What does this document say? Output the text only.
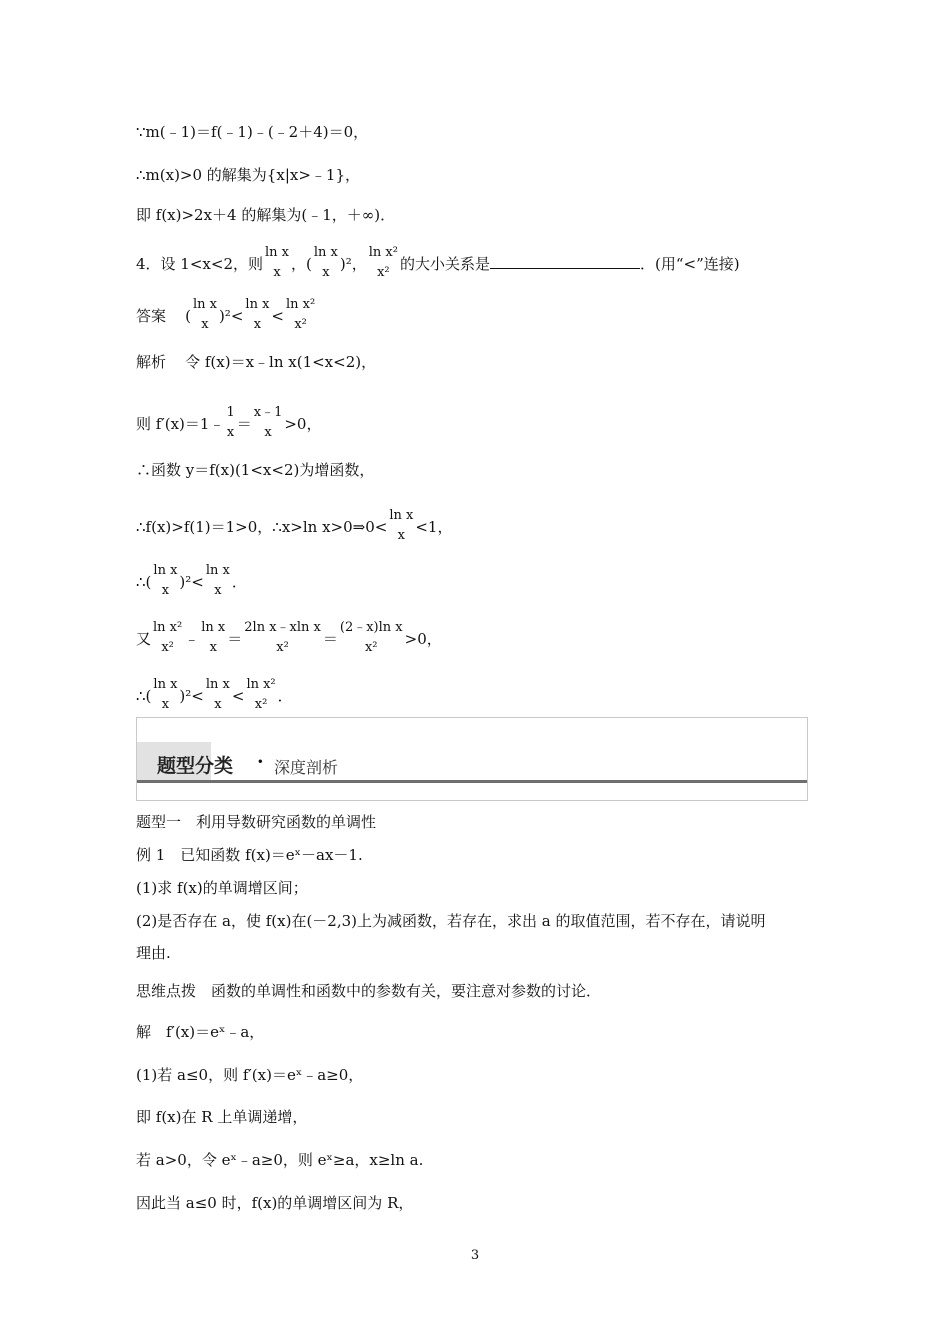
∵m(﹣1)＝f(﹣1)﹣(﹣2＋4)＝0，
∴m(x)>0 的解集为{x|x>﹣1}，
即 f(x)>2x＋4 的解集为(﹣1，＋∞)．
4．设 1<x<2，则
ln x
x ，(
ln x
x )²，
ln x²
x² 的大小关系是	．(用“<”连接)
答案    (
ln x
x )²<
ln x
x <
ln x²
x²
解析 令 f(x)＝x﹣ln x(1<x<2)，
则 f′(x)＝1﹣
1
x ＝
x﹣1
x >0，
∴函数 y＝f(x)(1<x<2)为增函数，
∴f(x)>f(1)＝1>0，∴x>ln x>0⇒0<
ln x
x <1，
∴(
ln x
x )²<
ln x
x ．
又
ln x²
x² ﹣
ln x
x ＝
2ln x﹣xln x
x²	＝
(2﹣x)ln x
x²	>0，
∴(
ln x
x )²<
ln x
x <
ln x²
x² ．
题型分类 · 深度剖析
题型一　利用导数研究函数的单调性
例 1　已知函数 f(x)＝eˣ－ax－1.
(1)求 f(x)的单调增区间；
(2)是否存在 a，使 f(x)在(－2,3)上为减函数，若存在，求出 a 的取值范围，若不存在，请说明
理由.
思维点拨　函数的单调性和函数中的参数有关，要注意对参数的讨论．
解　f′(x)＝eˣ﹣a，
(1)若 a≤0，则 f′(x)＝eˣ﹣a≥0，
即 f(x)在 R 上单调递增，
若 a>0，令 eˣ﹣a≥0，则 eˣ≥a，x≥ln a.
因此当 a≤0 时，f(x)的单调增区间为 R，
3
